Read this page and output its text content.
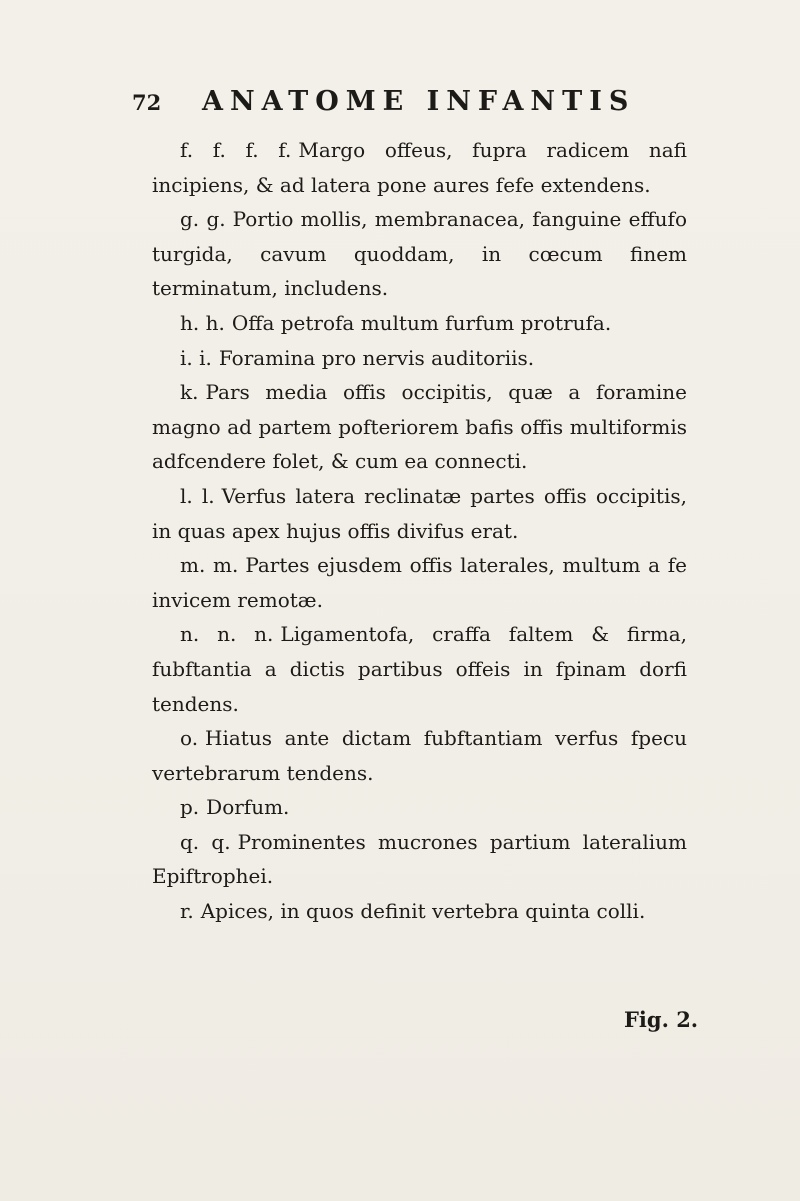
72	ANATOME INFANTIS

f. f. f. f. Margo offeus, fupra radicem nafi incipiens, & ad latera pone aures fefe extendens.

g. g. Portio mollis, membranacea, fanguine effufo turgida, cavum quoddam, in cœcum finem terminatum, includens.

h. h. Offa petrofa multum furfum protrufa.

i. i. Foramina pro nervis auditoriis.

k. Pars media offis occipitis, quæ a foramine magno ad partem pofteriorem bafis offis multiformis adfcendere folet, & cum ea connecti.

l. l. Verfus latera reclinatæ partes offis occipitis, in quas apex hujus offis divifus erat.

m. m. Partes ejusdem offis laterales, multum a fe invicem remotæ.

n. n. n. Ligamentofa, craffa faltem & firma, fubftantia a dictis partibus offeis in fpinam dorfi tendens.

o. Hiatus ante dictam fubftantiam verfus fpecu vertebrarum tendens.

p. Dorfum.

q. q. Prominentes mucrones partium lateralium Epiftrophei.

r. Apices, in quos definit vertebra quinta colli.

Fig. 2.
